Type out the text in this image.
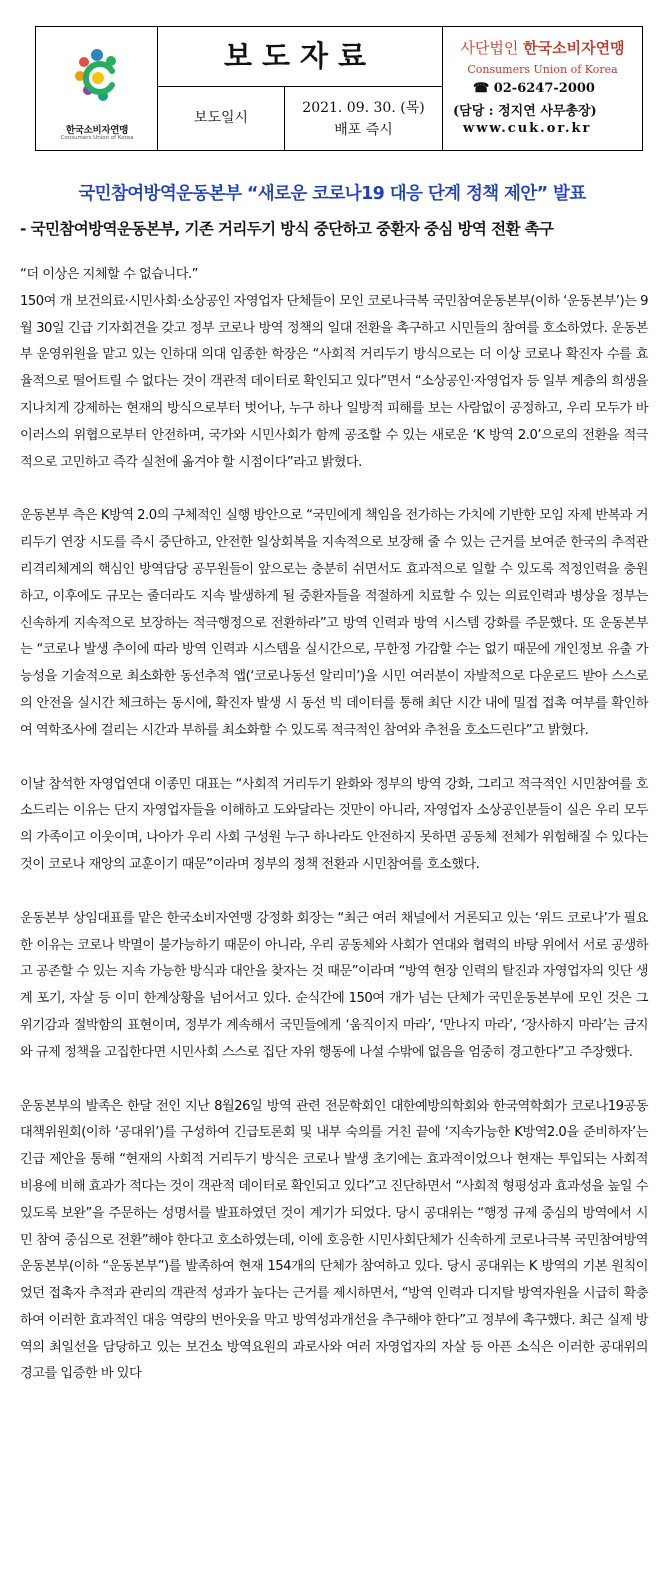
한국소비자연맹
Consumers Union of Korea
보도자료
보도일시
2021. 09. 30. (목)
배포 즉시
사단법인 한국소비자연맹
Consumers Union of Korea
☎ 02-6247-2000
(담당 : 정지연 사무총장)
www.cuk.or.kr
국민참여방역운동본부 “새로운 코로나19 대응 단계 정책 제안” 발표
- 국민참여방역운동본부, 기존 거리두기 방식 중단하고 중환자 중심 방역 전환 촉구

“더 이상은 지체할 수 없습니다.”

150여 개 보건의료·시민사회·소상공인 자영업자 단체들이 모인 코로나극복 국민참여운동본부(이하 ‘운동본부’)는 9월 30일 긴급 기자회견을 갖고 정부 코로나 방역 정책의 일대 전환을 촉구하고 시민들의 참여를 호소하였다. 운동본부 운영위원을 맡고 있는 인하대 의대 임종한 학장은 “사회적 거리두기 방식으로는 더 이상 코로나 확진자 수를 효율적으로 떨어트릴 수 없다는 것이 객관적 데이터로 확인되고 있다”면서 “소상공인·자영업자 등 일부 계층의 희생을 지나치게 강제하는 현재의 방식으로부터 벗어나, 누구 하나 일방적 피해를 보는 사람없이 공정하고, 우리 모두가 바이러스의 위협으로부터 안전하며, 국가와 시민사회가 함께 공조할 수 있는 새로운 ‘K 방역 2.0’으로의 전환을 적극적으로 고민하고 즉각 실천에 옮겨야 할 시점이다”라고 밝혔다.

운동본부 측은 K방역 2.0의 구체적인 실행 방안으로 “국민에게 책임을 전가하는 가치에 기반한 모임 자제 반복과 거리두기 연장 시도를 즉시 중단하고, 안전한 일상회복을 지속적으로 보장해 줄 수 있는 근거를 보여준 한국의 추적관리격리체계의 핵심인 방역담당 공무원들이 앞으로는 충분히 쉬면서도 효과적으로 일할 수 있도록 적정인력을 충원하고, 이후에도 규모는 줄더라도 지속 발생하게 될 중환자들을 적절하게 치료할 수 있는 의료인력과 병상을 정부는 신속하게 지속적으로 보장하는 적극행정으로 전환하라”고 방역 인력과 방역 시스템 강화를 주문했다. 또 운동본부는 “코로나 발생 추이에 따라 방역 인력과 시스템을 실시간으로, 무한정 가감할 수는 없기 때문에 개인정보 유출 가능성을 기술적으로 최소화한 동선추적 앱(‘코로나동선 알리미’)을 시민 여러분이 자발적으로 다운로드 받아 스스로의 안전을 실시간 체크하는 동시에, 확진자 발생 시 동선 빅 데이터를 통해 최단 시간 내에 밀접 접촉 여부를 확인하여 역학조사에 걸리는 시간과 부하를 최소화할 수 있도록 적극적인 참여와 추천을 호소드린다”고 밝혔다.

이날 참석한 자영업연대 이종민 대표는 “사회적 거리두기 완화와 정부의 방역 강화, 그리고 적극적인 시민참여를 호소드리는 이유는 단지 자영업자들을 이해하고 도와달라는 것만이 아니라, 자영업자 소상공인분들이 실은 우리 모두의 가족이고 이웃이며, 나아가 우리 사회 구성원 누구 하나라도 안전하지 못하면 공동체 전체가 위험해질 수 있다는 것이 코로나 재앙의 교훈이기 때문”이라며 정부의 정책 전환과 시민참여를 호소했다.

운동본부 상임대표를 맡은 한국소비자연맹 강정화 회장는 “최근 여러 채널에서 거론되고 있는 ‘위드 코로나’가 필요한 이유는 코로나 박멸이 불가능하기 때문이 아니라, 우리 공동체와 사회가 연대와 협력의 바탕 위에서 서로 공생하고 공존할 수 있는 지속 가능한 방식과 대안을 찾자는 것 때문”이라며 “방역 현장 인력의 탈진과 자영업자의 잇단 생계 포기, 자살 등 이미 한계상황을 넘어서고 있다. 순식간에 150여 개가 넘는 단체가 국민운동본부에 모인 것은 그 위기감과 절박함의 표현이며, 정부가 계속해서 국민들에게 ‘움직이지 마라’, ‘만나지 마라’, ‘장사하지 마라’는 금지와 규제 정책을 고집한다면 시민사회 스스로 집단 자위 행동에 나설 수밖에 없음을 엄중히 경고한다”고 주장했다.

운동본부의 발족은 한달 전인 지난 8월26일 방역 관련 전문학회인 대한예방의학회와 한국역학회가 코로나19공동대책위원회(이하 ‘공대위’)를 구성하여 긴급토론회 및 내부 숙의를 거친 끝에 ‘지속가능한 K방역2.0을 준비하자’는 긴급 제안을 통해 “현재의 사회적 거리두기 방식은 코로나 발생 초기에는 효과적이었으나 현재는 투입되는 사회적 비용에 비해 효과가 적다는 것이 객관적 데이터로 확인되고 있다”고 진단하면서 “사회적 형평성과 효과성을 높일 수 있도록 보완”을 주문하는 성명서를 발표하였던 것이 계기가 되었다. 당시 공대위는 “행정 규제 중심의 방역에서 시민 참여 중심으로 전환”해야 한다고 호소하였는데, 이에 호응한 시민사회단체가 신속하게 코로나극복 국민참여방역운동본부(이하 “운동본부”)를 발족하여 현재 154개의 단체가 참여하고 있다. 당시 공대위는 K 방역의 기본 원칙이었던 접촉자 추적과 관리의 객관적 성과가 높다는 근거를 제시하면서, “방역 인력과 디지탈 방역자원을 시급히 확충하여 이러한 효과적인 대응 역량의 번아웃을 막고 방역성과개선을 추구해야 한다”고 정부에 촉구했다. 최근 실제 방역의 최일선을 담당하고 있는 보건소 방역요원의 과로사와 여러 자영업자의 자살 등 아픈 소식은 이러한 공대위의 경고를 입증한 바 있다
